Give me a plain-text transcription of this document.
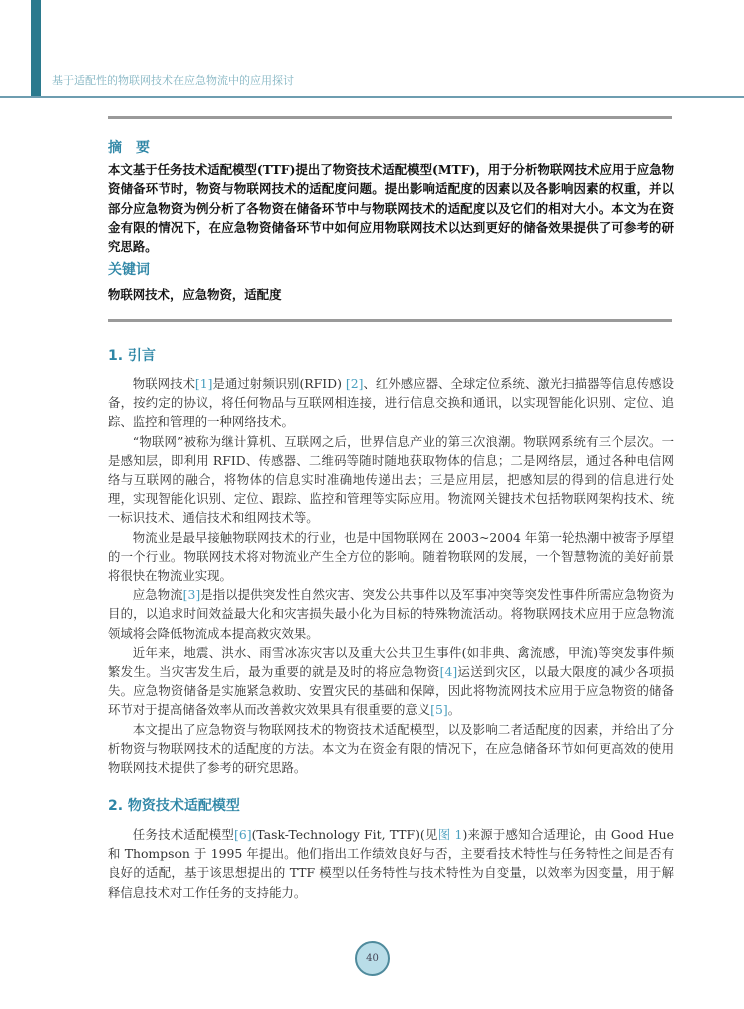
基于适配性的物联网技术在应急物流中的应用探讨
摘　要
本文基于任务技术适配模型(TTF)提出了物资技术适配模型(MTF)，用于分析物联网技术应用于应急物资储备环节时，物资与物联网技术的适配度问题。提出影响适配度的因素以及各影响因素的权重，并以部分应急物资为例分析了各物资在储备环节中与物联网技术的适配度以及它们的相对大小。本文为在资金有限的情况下，在应急物资储备环节中如何应用物联网技术以达到更好的储备效果提供了可参考的研究思路。
关键词
物联网技术，应急物资，适配度
1. 引言

物联网技术[1]是通过射频识别(RFID) [2]、红外感应器、全球定位系统、激光扫描器等信息传感设备，按约定的协议，将任何物品与互联网相连接，进行信息交换和通讯，以实现智能化识别、定位、追踪、监控和管理的一种网络技术。

“物联网”被称为继计算机、互联网之后，世界信息产业的第三次浪潮。物联网系统有三个层次。一是感知层，即利用 RFID、传感器、二维码等随时随地获取物体的信息；二是网络层，通过各种电信网络与互联网的融合，将物体的信息实时准确地传递出去；三是应用层，把感知层的得到的信息进行处理，实现智能化识别、定位、跟踪、监控和管理等实际应用。物流网关键技术包括物联网架构技术、统一标识技术、通信技术和组网技术等。

物流业是最早接触物联网技术的行业，也是中国物联网在 2003~2004 年第一轮热潮中被寄予厚望的一个行业。物联网技术将对物流业产生全方位的影响。随着物联网的发展，一个智慧物流的美好前景将很快在物流业实现。

应急物流[3]是指以提供突发性自然灾害、突发公共事件以及军事冲突等突发性事件所需应急物资为目的，以追求时间效益最大化和灾害损失最小化为目标的特殊物流活动。将物联网技术应用于应急物流领域将会降低物流成本提高救灾效果。

近年来，地震、洪水、雨雪冰冻灾害以及重大公共卫生事件(如非典、禽流感，甲流)等突发事件频繁发生。当灾害发生后，最为重要的就是及时的将应急物资[4]运送到灾区，以最大限度的减少各项损失。应急物资储备是实施紧急救助、安置灾民的基础和保障，因此将物流网技术应用于应急物资的储备环节对于提高储备效率从而改善救灾效果具有很重要的意义[5]。

本文提出了应急物资与物联网技术的物资技术适配模型，以及影响二者适配度的因素，并给出了分析物资与物联网技术的适配度的方法。本文为在资金有限的情况下，在应急储备环节如何更高效的使用物联网技术提供了参考的研究思路。

2. 物资技术适配模型

任务技术适配模型[6](Task-Technology Fit, TTF)(见图 1)来源于感知合适理论，由 Good Hue 和 Thompson 于 1995 年提出。他们指出工作绩效良好与否，主要看技术特性与任务特性之间是否有良好的适配，基于该思想提出的 TTF 模型以任务特性与技术特性为自变量，以效率为因变量，用于解释信息技术对工作任务的支持能力。

40
